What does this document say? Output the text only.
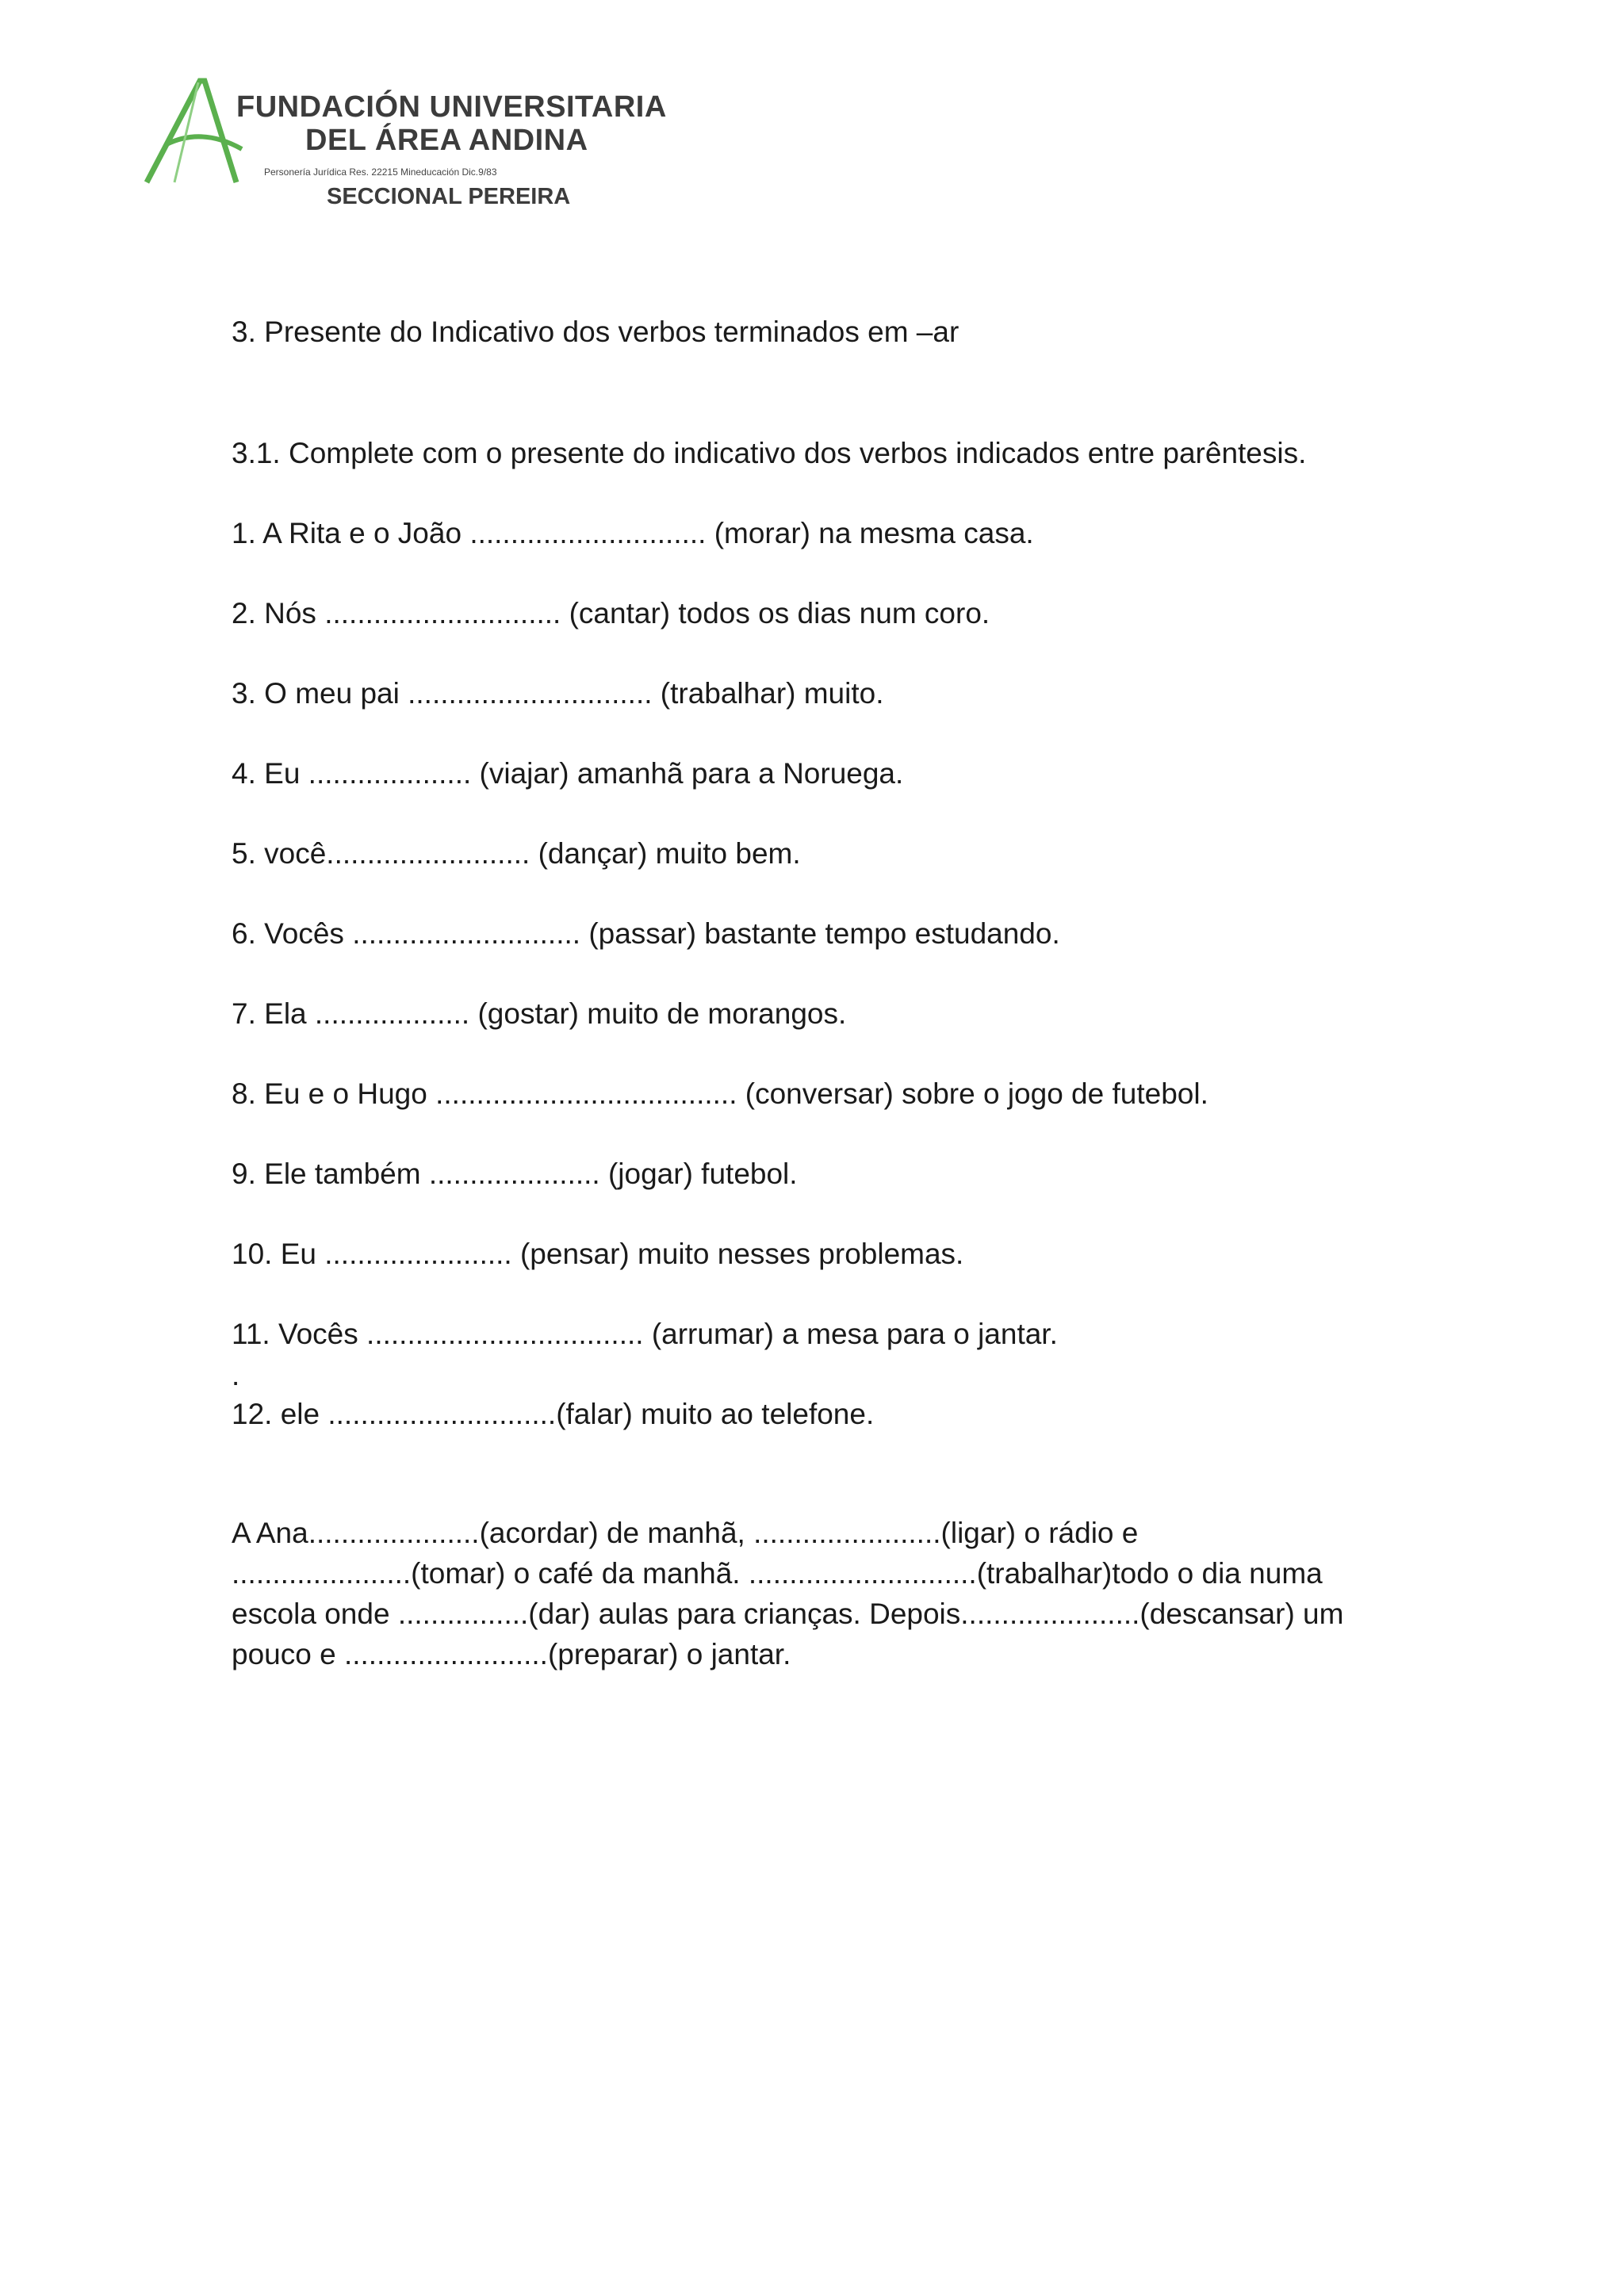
FUNDACIÓN UNIVERSITARIA
DEL ÁREA ANDINA
Personería Jurídica Res. 22215 Mineducación Dic.9/83
SECCIONAL PEREIRA
3. Presente do Indicativo dos verbos terminados em –ar
3.1. Complete com o presente do indicativo dos verbos indicados entre parêntesis.
1. A Rita e o João ............................. (morar) na mesma casa.
2. Nós ............................. (cantar) todos os dias num coro.
3. O meu pai .............................. (trabalhar) muito.
4. Eu .................... (viajar) amanhã para a Noruega.
5. você......................... (dançar) muito bem.
6. Vocês ............................ (passar) bastante tempo estudando.
7. Ela ................... (gostar) muito de morangos.
8. Eu e o Hugo ..................................... (conversar) sobre o jogo de futebol.
9. Ele também ..................... (jogar) futebol.
10. Eu ....................... (pensar) muito nesses problemas.
11. Vocês .................................. (arrumar) a mesa para o jantar.
.
12. ele ............................(falar) muito ao telefone.
A Ana.....................(acordar) de manhã, .......................(ligar) o rádio e
......................(tomar) o café da manhã. ............................(trabalhar)todo o dia numa
escola onde ................(dar) aulas para crianças. Depois......................(descansar) um
pouco e .........................(preparar) o jantar.
